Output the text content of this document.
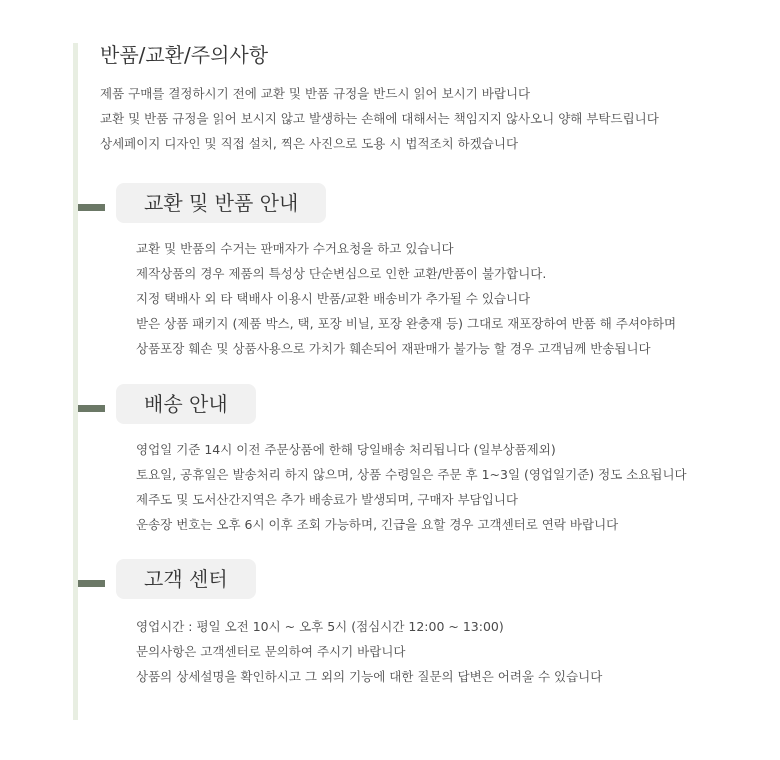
반품/교환/주의사항
제품 구매를 결정하시기 전에 교환 및 반품 규정을 반드시 읽어 보시기 바랍니다
교환 및 반품 규정을 읽어 보시지 않고 발생하는 손해에 대해서는 책임지지 않사오니 양해 부탁드립니다
상세페이지 디자인 및 직접 설치, 찍은 사진으로 도용 시 법적조치 하겠습니다
교환 및 반품 안내
교환 및 반품의 수거는 판매자가 수거요청을 하고 있습니다
제작상품의 경우 제품의 특성상 단순변심으로 인한 교환/반품이 불가합니다.
지정 택배사 외 타 택배사 이용시 반품/교환 배송비가 추가될 수 있습니다
받은 상품 패키지 (제품 박스, 택, 포장 비닐, 포장 완충재 등) 그대로 재포장하여 반품 해 주셔야하며
상품포장 훼손 및 상품사용으로 가치가 훼손되어 재판매가 불가능 할 경우 고객님께 반송됩니다
배송 안내
영업일 기준 14시 이전 주문상품에 한해 당일배송 처리됩니다 (일부상품제외)
토요일, 공휴일은 발송처리 하지 않으며, 상품 수령일은 주문 후 1~3일 (영업일기준) 정도 소요됩니다
제주도 및 도서산간지역은 추가 배송료가 발생되며, 구매자 부담입니다
운송장 번호는 오후 6시 이후 조회 가능하며, 긴급을 요할 경우 고객센터로 연락 바랍니다
고객 센터
영업시간 : 평일 오전 10시 ~ 오후 5시 (점심시간 12:00 ~ 13:00)
문의사항은 고객센터로 문의하여 주시기 바랍니다
상품의 상세설명을 확인하시고 그 외의 기능에 대한 질문의 답변은 어려울 수 있습니다
